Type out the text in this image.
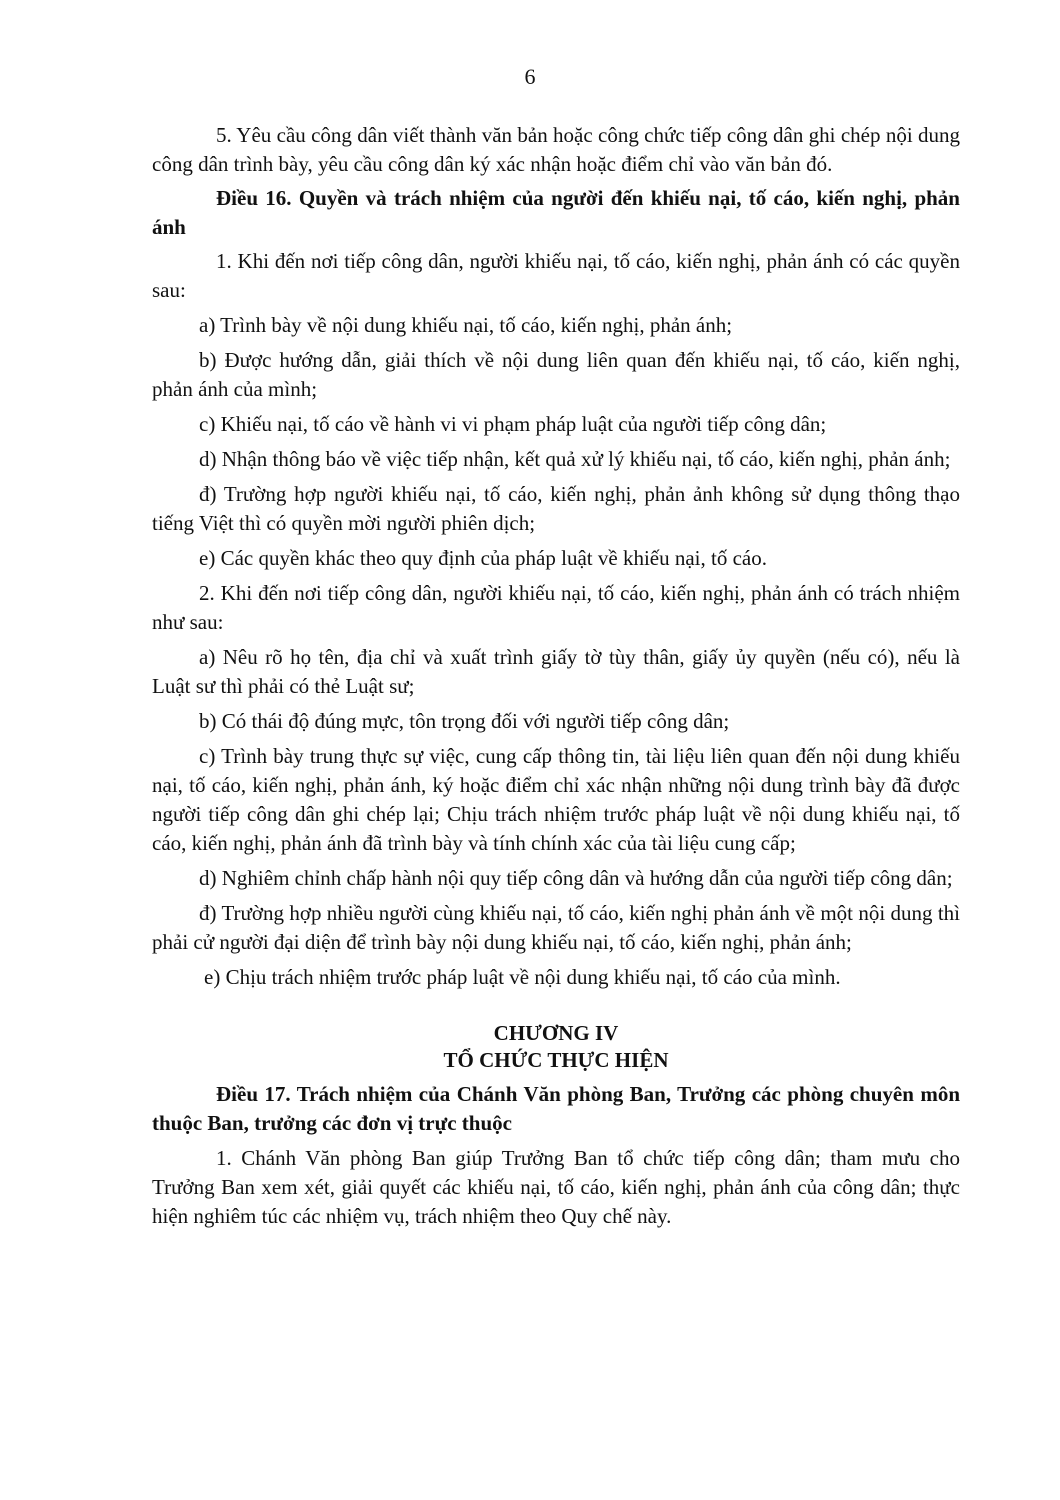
6

5. Yêu cầu công dân viết thành văn bản hoặc công chức tiếp công dân ghi chép nội dung công dân trình bày, yêu cầu công dân ký xác nhận hoặc điểm chỉ vào văn bản đó.

Điều 16. Quyền và trách nhiệm của người đến khiếu nại, tố cáo, kiến nghị, phản ánh

1. Khi đến nơi tiếp công dân, người khiếu nại, tố cáo, kiến nghị, phản ánh có các quyền sau:

a) Trình bày về nội dung khiếu nại, tố cáo, kiến nghị, phản ánh;

b) Được hướng dẫn, giải thích về nội dung liên quan đến khiếu nại, tố cáo, kiến nghị, phản ánh của mình;

c) Khiếu nại, tố cáo về hành vi vi phạm pháp luật của người tiếp công dân;

d) Nhận thông báo về việc tiếp nhận, kết quả xử lý khiếu nại, tố cáo, kiến nghị, phản ánh;

đ) Trường hợp người khiếu nại, tố cáo, kiến nghị, phản ảnh không sử dụng thông thạo tiếng Việt thì có quyền mời người phiên dịch;

e) Các quyền khác theo quy định của pháp luật về khiếu nại, tố cáo.

2. Khi đến nơi tiếp công dân, người khiếu nại, tố cáo, kiến nghị, phản ánh có trách nhiệm như sau:

a) Nêu rõ họ tên, địa chỉ và xuất trình giấy tờ tùy thân, giấy ủy quyền (nếu có), nếu là Luật sư thì phải có thẻ Luật sư;

b) Có thái độ đúng mực, tôn trọng đối với người tiếp công dân;

c) Trình bày trung thực sự việc, cung cấp thông tin, tài liệu liên quan đến nội dung khiếu nại, tố cáo, kiến nghị, phản ánh, ký hoặc điểm chỉ xác nhận những nội dung trình bày đã được người tiếp công dân ghi chép lại; Chịu trách nhiệm trước pháp luật về nội dung khiếu nại, tố cáo, kiến nghị, phản ánh đã trình bày và tính chính xác của tài liệu cung cấp;

d) Nghiêm chỉnh chấp hành nội quy tiếp công dân và hướng dẫn của người tiếp công dân;

đ) Trường hợp nhiều người cùng khiếu nại, tố cáo, kiến nghị phản ánh về một nội dung thì phải cử người đại diện để trình bày nội dung khiếu nại, tố cáo, kiến nghị, phản ánh;

e) Chịu trách nhiệm trước pháp luật về nội dung khiếu nại, tố cáo của mình.

CHƯƠNG IV

TỔ CHỨC THỰC HIỆN

Điều 17. Trách nhiệm của Chánh Văn phòng Ban, Trưởng các phòng chuyên môn thuộc Ban, trưởng các đơn vị trực thuộc

1. Chánh Văn phòng Ban giúp Trưởng Ban tổ chức tiếp công dân; tham mưu cho Trưởng Ban xem xét, giải quyết các khiếu nại, tố cáo, kiến nghị, phản ánh của công dân; thực hiện nghiêm túc các nhiệm vụ, trách nhiệm theo Quy chế này.
